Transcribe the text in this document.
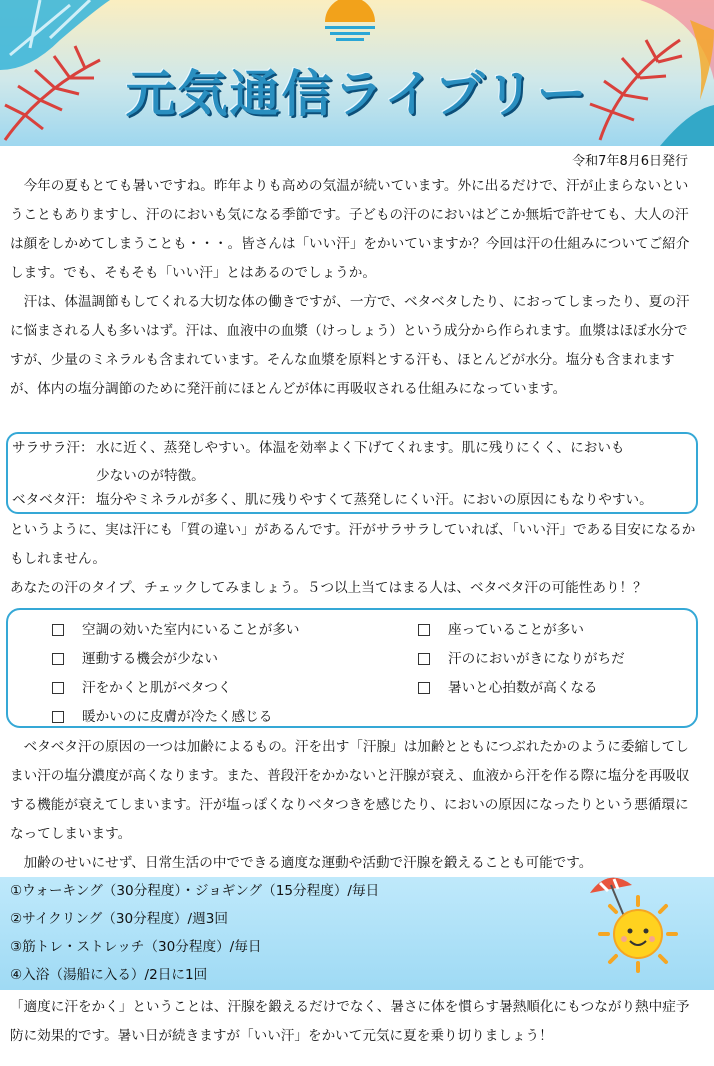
元気通信ライブリー
令和7年8月6日発行

今年の夏もとても暑いですね。昨年よりも高めの気温が続いています。外に出るだけで、汗が止まらないということもありますし、汗のにおいも気になる季節です。子どもの汗のにおいはどこか無垢で許せても、大人の汗は顔をしかめてしまうことも・・・。皆さんは「いい汗」をかいていますか？今回は汗の仕組みについてご紹介します。でも、そもそも「いい汗」とはあるのでしょうか。

汗は、体温調節もしてくれる大切な体の働きですが、一方で、ベタベタしたり、におってしまったり、夏の汗に悩まされる人も多いはず。汗は、血液中の血漿（けっしょう）という成分から作られます。血漿はほぼ水分ですが、少量のミネラルも含まれています。そんな血漿を原料とする汗も、ほとんどが水分。塩分も含まれますが、体内の塩分調節のために発汗前にほとんどが体に再吸収される仕組みになっています。

サラサラ汗： 水に近く、蒸発しやすい。体温を効率よく下げてくれます。肌に残りにくく、においも
少ないのが特徴。
ベタベタ汗： 塩分やミネラルが多く、肌に残りやすくて蒸発しにくい汗。においの原因にもなりやすい。

というように、実は汗にも「質の違い」があるんです。汗がサラサラしていれば、「いい汗」である目安になるかもしれません。

あなたの汗のタイプ、チェックしてみましょう。５つ以上当てはまる人は、ベタベタ汗の可能性あり！？

空調の効いた室内にいることが多い
運動する機会が少ない
汗をかくと肌がベタつく
暖かいのに皮膚が冷たく感じる
座っていることが多い
汗のにおいがきになりがちだ
暑いと心拍数が高くなる

ベタベタ汗の原因の一つは加齢によるもの。汗を出す「汗腺」は加齢とともにつぶれたかのように委縮してしまい汗の塩分濃度が高くなります。また、普段汗をかかないと汗腺が衰え、血液から汗を作る際に塩分を再吸収する機能が衰えてしまいます。汗が塩っぽくなりベタつきを感じたり、においの原因になったりという悪循環になってしまいます。

加齢のせいにせず、日常生活の中でできる適度な運動や活動で汗腺を鍛えることも可能です。

①ウォーキング（30分程度）・ジョギング（15分程度）/毎日
②サイクリング（30分程度）/週3回
③筋トレ・ストレッチ（30分程度）/毎日
④入浴（湯船に入る）/2日に1回

「適度に汗をかく」ということは、汗腺を鍛えるだけでなく、暑さに体を慣らす暑熱順化にもつながり熱中症予防に効果的です。暑い日が続きますが「いい汗」をかいて元気に夏を乗り切りましょう！
